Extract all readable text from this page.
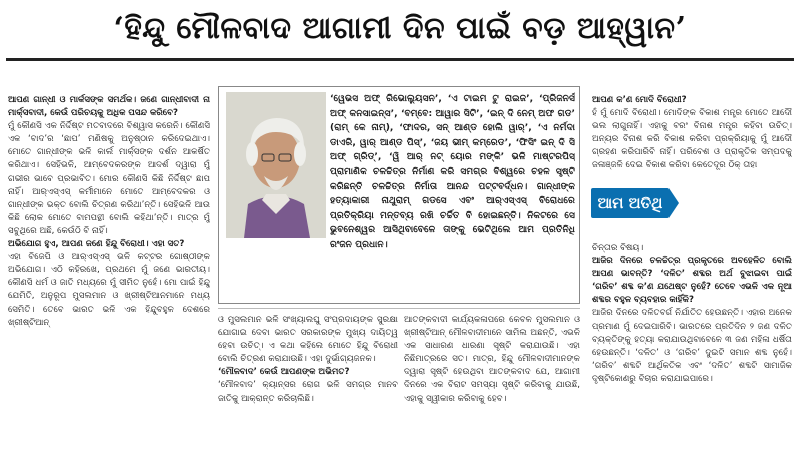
‘ହିନ୍ଦୁ ମୌଳବାଦ ଆଗାମୀ ଦିନ ପାଇଁ ବଡ଼ ଆହ୍ୱାନ’

ଆପଣ ଗାନ୍ଧୀ ଓ ମାର୍କସଙ୍କ ସମର୍ଥକ। ଜଣେ ଗାନ୍ଧୀବାଦୀ ନା ମାର୍କ୍ସବାଦୀ, କେଉଁ ପରିଚୟକୁ ଅଧିକ ପସନ୍ଦ କରିବେ?

ମୁଁ କୌଣସି ଏକ ନିର୍ଦ୍ଦିଷ୍ଟ ମତବାଦରେ ବିଶ୍ୱାସ କରେନି। କୌଣସି ଏକ ‘ବାଦ’ର ‘ଛାପ’ ମଣିଷକୁ ଅନୁଷ୍ଠାନ କରିଦେଇଥାଏ। ମୋତେ ଗାନ୍ଧୀଙ୍କ ଭଳି କାର୍ଲ ମାର୍କ୍ସଙ୍କ ଦର୍ଶନ ଆକର୍ଷିତ କରିଥାଏ। ସେହିଭଳି, ଆମ୍ବେଦକରଙ୍କ ଆଦର୍ଶ ଦ୍ୱାରା ମୁଁ ଗଭୀର ଭାବେ ପ୍ରଭାବିତ। ମୋର କୌଣସି କିଛି ନିର୍ଦ୍ଦିଷ୍ଟ ଛାପ ନାହିଁ। ଆର୍‌ଏସ୍‌ଏସ୍ କର୍ମୀମାନେ ମୋତେ ଆମ୍ବେଦକର ଓ ଗାନ୍ଧୀଙ୍କ ଭକ୍ତ ବୋଲି ଚିତ୍ରଣ କରିଥା’ନ୍ତି। ସେହିଭଳି ଆଉ କିଛି ଲୋକ ମୋତେ ବାମପନ୍ଥୀ ବୋଲି କହିଥା’ନ୍ତି। ମାତ୍ର ମୁଁ ସବୁଥିରେ ଅଛି, କେଉଁଠି ବି ନାହିଁ।

ଅଭିଯୋଗ ହୁଏ, ଆପଣ ଜଣେ ହିନ୍ଦୁ ବିରୋଧୀ। ଏହା ସତ?

ଏହା ବିଜେପି ଓ ଆର୍‌ଏସ୍‌ଏସ୍ ଭଳି କଟ୍ଟର ଗୋଷ୍ଠୀଙ୍କ ଅଭିଯୋଗ। ଏଠି କହିରଖେ, ପ୍ରଥମେ ମୁଁ ଜଣେ ଭାରତୀୟ। କୌଣସି ଧର୍ମ ଓ ଜାତି ମଧ୍ୟରେ ମୁଁ ସୀମିତ ନୁହେଁ। ମୋ ପାଇଁ ହିନ୍ଦୁ ଯେମିତି, ଅନୁରୂପ ମୁସଲମାନ ଓ ଖ୍ରୀଷ୍ଟିଆନମାନେ ମଧ୍ୟ ସେମିତି। ତେବେ ଭାରତ ଭଳି ଏକ ହିନ୍ଦୁବହୁଳ ଦେଶରେ ଖ୍ରୀଷ୍ଟିଆନ୍

‘ୱେଭସ ଅଫ୍ ରିଭୋଲ୍ୟୁସନ’, ‘ଏ ଟାଇମ ଟୁ ରାଇଜ’, ‘ପ୍ରିଜନର୍ସ ଅଫ୍ କନସାଇନ୍ସ’, ‘ବମ୍ବେ: ଆୱାର ସିଟି’, ‘ଇନ୍ ଦି ନେମ୍ ଅଫ ଗଡ’ (ରାମ୍ କେ ନାମ୍), ‘ଫାଦର, ସନ୍ ଆଣ୍ଡ ହୋଲି ୱାର୍’, ‘ଏ ନର୍ମଦା ଡାଏରି, ୱାର୍ ଆଣ୍ଡ ପିସ୍’, ‘ଜୟ ଭୀମ୍ କମ୍ରେଡ’, ‘ଫିସିଂ ଇନ୍ ଦି ସି ଅଫ୍ ଗ୍ରିଡ୍’, ‘ୱି ଆର୍ ନଟ୍ ୟୋର ମଙ୍କି’ ଭଳି ମାଷ୍ଟରପିସ୍ ପ୍ରାମାଣିକ ଚଳଚ୍ଚିତ୍ର ନିର୍ମାଣ କରି ସମଗ୍ର ବିଶ୍ୱରେ ଚହଳ ସୃଷ୍ଟି କରିଛନ୍ତି ଚଳଚ୍ଚିତ୍ର ନିର୍ମାତା ଆନନ୍ଦ ପଟ୍ଟବର୍ଦ୍ଧନ। ଗାନ୍ଧୀଙ୍କ ହତ୍ୟାକାରୀ ନାଥୁରାମ୍ ଗଡସେ ଏବଂ ଆର୍‌ଏସ୍‌ଏସ୍ ବିରୋଧରେ ପ୍ରତିକ୍ରିୟା ମନ୍ତବ୍ୟ ରଖି ଚର୍ଚ୍ଚିତ ବି ହୋଇଛନ୍ତି। ନିକଟରେ ସେ ଭୁବନେଶ୍ୱର ଆସିଥିବାବେଳେ ତାଙ୍କୁ ଭେଟିଥିଲେ ଆମ ପ୍ରତିନିଧି ରଂଜନ ପ୍ରଧାନ।

ଓ ମୁସଲମାନ ଭଳି ସଂଖ୍ୟାଲଘୁ ସଂପ୍ରଦାୟଙ୍କ ସୁରକ୍ଷା ଯୋଗାଇ ଦେବା ଭାରତ ସରକାରଙ୍କ ମୁଖ୍ୟ ଦାୟିତ୍ୱ ହେବା ଉଚିତ୍। ଏ କଥା କହିଲେ ମୋତେ ହିନ୍ଦୁ ବିରୋଧୀ ବୋଲି ଚିତ୍ରଣ କରାଯାଉଛି। ଏହା ଦୁର୍ଭାଗ୍ୟଜନକ।

‘ମୌଳବାଦ’ କେଉଁ ଆପଣଙ୍କ ଅଭିମତ?

‘ମୌଳବାଦ’ କ୍ୟାନ୍‌ସର ରୋଗ ଭଳି ସମଗ୍ର ମାନବ ଜାତିକୁ ଆକ୍ରାନ୍ତ କରିଚାଲିଛି।

ଆତଙ୍କବାଦୀ କାର୍ଯ୍ୟକଳାପରେ କେବଳ ମୁସଲମାନ ଓ ଖ୍ରୀଷ୍ଟିଆନ୍ ମୌଳବାଦୀମାନେ ସାମିଲ ଅଛନ୍ତି, ଏଭଳି ଏକ ସାଧାରଣ ଧାରଣା ସୃଷ୍ଟି କରାଯାଉଛି। ଏହା ନିଛିମାତ୍ରରେ ସତ। ମାତ୍ର, ହିନ୍ଦୁ ମୌଳବାଦୀମାନଙ୍କ ଦ୍ୱାରା ସୃଷ୍ଟି ହେଉଥିବା ଆତଙ୍କବାଦ ଯେ, ଆଗାମୀ ଦିନରେ ଏକ ବିରାଟ ସମସ୍ୟା ସୃଷ୍ଟି କରିବାକୁ ଯାଉଛି, ଏହାକୁ ସ୍ୱୀକାର କରିବାକୁ ହେବ।

ଆପଣ କ’ଣ ମୋଦି ବିରୋଧୀ?

ହଁ ମୁଁ ମୋଦି ବିରୋଧୀ। ମୋଦିଙ୍କ ବିକାଶ ମନ୍ତ୍ର ମୋତେ ଆଦୌ ଭଲ ଲାଗୁନାହିଁ। ଏହାକୁ ବରଂ ବିନାଶ ମନ୍ତ୍ର କହିବା ଉଚିତ୍। ଅନ୍ୟର ବିନାଶ କରି ବିକାଶ କରିବା ପ୍ରକ୍ରିୟାକୁ ମୁଁ ଆଦୌ ଗ୍ରହଣ କରିପାରିବି ନାହିଁ। ପରିବେଶ ଓ ପ୍ରାକୃତିକ ସମ୍ପଦକୁ ଜଳାଞ୍ଜଳି ଦେଇ ବିକାଶ କରିବା କେତେଦୂର ଠିକ୍ ତାହା

ଆମ ଅତିଥି

ଚିନ୍ତାର ବିଷୟ।

ଆଜିର ଦିନରେ ଚଳଚ୍ଚିତ୍ର ପ୍ରକୃତରେ ଅବହେଳିତ ବୋଲି ଆପଣ ଭାବନ୍ତି? ‘ଦଳିତ’ ଶବ୍ଦର ଅର୍ଥ ବୁଝାଇବା ପାଇଁ ‘ଗରିବ’ ଶବ୍ଦ କ’ଣ ଯଥେଷ୍ଟ ନୁହେଁ? ତେବେ ଏଭଳି ଏକ ନୂଆ ଶବ୍ଦର ବହୁଳ ବ୍ୟବହାର କାହିଁକି?

ଆଜିର ଦିନରେ ଦଳିତବର୍ଗ ନିର୍ଯାତିତ ହେଉଛନ୍ତି। ଏହାର ଅନେକ ପ୍ରମାଣ ମୁଁ ଦେଇପାରିବି। ଭାରତରେ ପ୍ରତିଦିନ ୨ ଜଣ ଦଳିତ ବ୍ୟକ୍ତିଙ୍କୁ ହତ୍ୟା କରାଯାଉଥିବାବେଳେ ୩ ଜଣ ମହିଳା ଧର୍ଷିତା ହେଉଛନ୍ତି। ‘ଦଳିତ’ ଓ ‘ଗରିବ’ ଦୁଇଟି ସମାନ ଶବ୍ଦ ନୁହେଁ। ‘ଗରିବ’ ଶବ୍ଦଟି ଆର୍ଥିକତିକ ଏବଂ ‘ଦଳିତ’ ଶବ୍ଦଟି ସାମାଜିକ ଦୃଷ୍ଟିକୋଣରୁ ବିଚାର କରାଯାଇପାରେ।
